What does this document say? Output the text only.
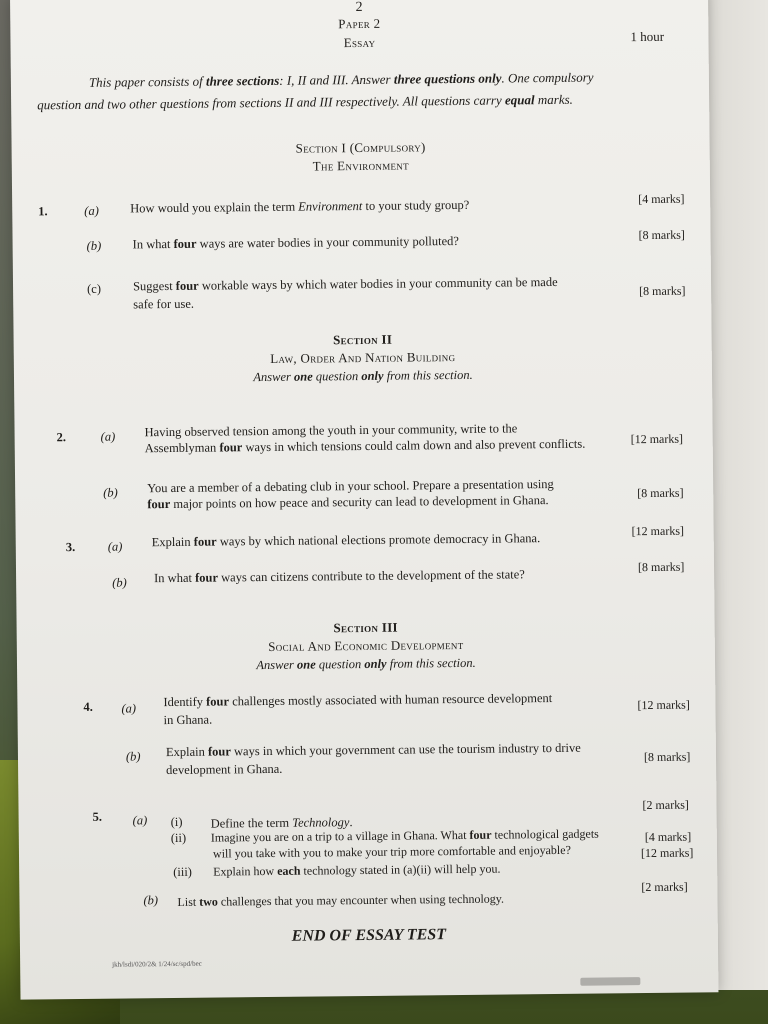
2
Paper 2
Essay	1 hour
This paper consists of three sections: I, II and III. Answer three questions only. One compulsory
question and two other questions from sections II and III respectively. All questions carry equal marks.
Section I (Compulsory)
The Environment
1.	(a)	How would you explain the term Environment to your study group?	[4 marks]
(b)	In what four ways are water bodies in your community polluted?	[8 marks]
(c)	Suggest four workable ways by which water bodies in your community can be made
safe for use.
[8 marks]
Section II
Law, Order And Nation Building
Answer one question only from this section.
2.	(a) Having observed tension among the youth in your community, write to the
Assemblyman four ways in which tensions could calm down and also prevent conflicts.	[12 marks]
(b) You are a member of a debating club in your school. Prepare a presentation using
four major points on how peace and security can lead to development in Ghana.
[8 marks]
3.	(a) Explain four ways by which national elections promote democracy in Ghana.
[12 marks]
(b) In what four ways can citizens contribute to the development of the state?
[8 marks]
Section III
Social And Economic Development
Answer one question only from this section.
4. (a) Identify four challenges mostly associated with human resource development
in Ghana.
[12 marks]
(b) Explain four ways in which your government can use the tourism industry to drive
development in Ghana.
[8 marks]
5. (a) (i) Define the term Technology.
[2 marks]
(ii) Imagine you are on a trip to a village in Ghana. What four technological gadgets
will you take with you to make your trip more comfortable and enjoyable?
[4 marks]
(iii) Explain how each technology stated in (a)(ii) will help you.
[12 marks]
(b) List two challenges that you may encounter when using technology.
[2 marks]
END OF ESSAY TEST
jkh/lsdi/020/2& 1/24/sc/spd/bec
